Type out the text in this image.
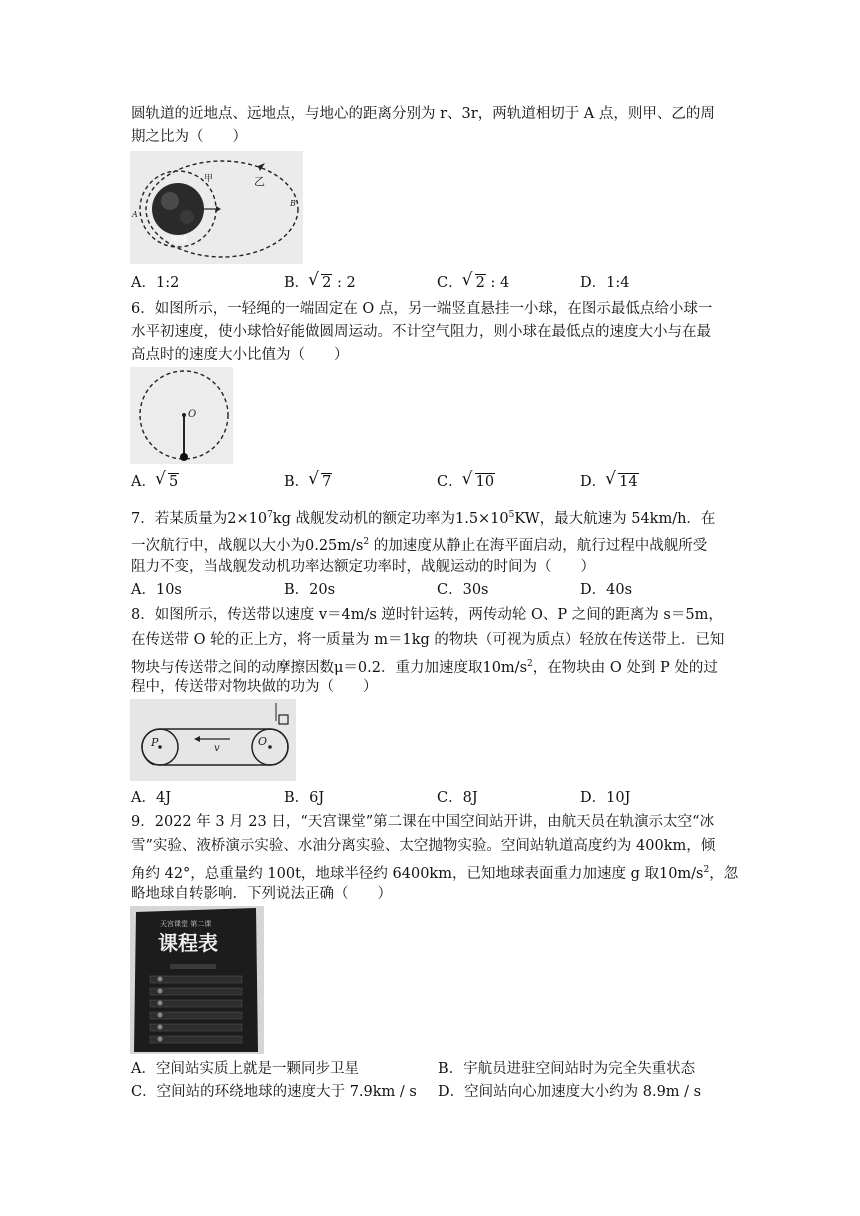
圆轨道的近地点、远地点，与地心的距离分别为 r、3r，两轨道相切于 A 点，则甲、乙的周
期之比为（　　）
甲	乙
A
B
地球
A．1:2	B． √ 2 : 2	C． √ 2 : 4	D．1:4
6．如图所示，一轻绳的一端固定在 O 点，另一端竖直悬挂一小球，在图示最低点给小球一
水平初速度，使小球恰好能做圆周运动。不计空气阻力，则小球在最低点的速度大小与在最
高点时的速度大小比值为（　　）
O
A． √ 5	B． √ 7	C． √ 10	D． √ 14
7．若某质量为$2\times 10^7kg$ 战舰发动机的额定功率为$1.5\times 10^5KW$，最大航速为 54km/h．在
一次航行中，战舰以大小为$0.25m/s^2$ 的加速度从静止在海平面启动，航行过程中战舰所受
阻力不变，当战舰发动机功率达额定功率时，战舰运动的时间为（　　）
A．10s	B．20s	C．30s	D．40s
8．如图所示，传送带以速度 v＝4m/s 逆时针运转，两传动轮 O、P 之间的距离为 s＝5m，
在传送带 O 轮的正上方，将一质量为 m＝1kg 的物块（可视为质点）轻放在传送带上．已知
物块与传送带之间的动摩擦因数μ＝0.2．重力加速度取$10m/s^2$，在物块由 O 处到 P 处的过
程中，传送带对物块做的功为（　　）
P	O
v
A．4J	B．6J	C．8J	D．10J
9．2022 年 3 月 23 日，“天宫课堂”第二课在中国空间站开讲，由航天员在轨演示太空“冰
雪”实验、液桥演示实验、水油分离实验、太空抛物实验。空间站轨道高度约为 400km，倾
角约 42°，总重量约 100t，地球半径约 6400km，已知地球表面重力加速度 g 取$10m/s^2$，忽
略地球自转影响．下列说法正确（　　）
天宫课堂 第二课
课程表
A．空间站实质上就是一颗同步卫星	B．宇航员进驻空间站时为完全失重状态
C．空间站的环绕地球的速度大于 7.9km / s D．空间站向心加速度大小约为 8.9m / s
